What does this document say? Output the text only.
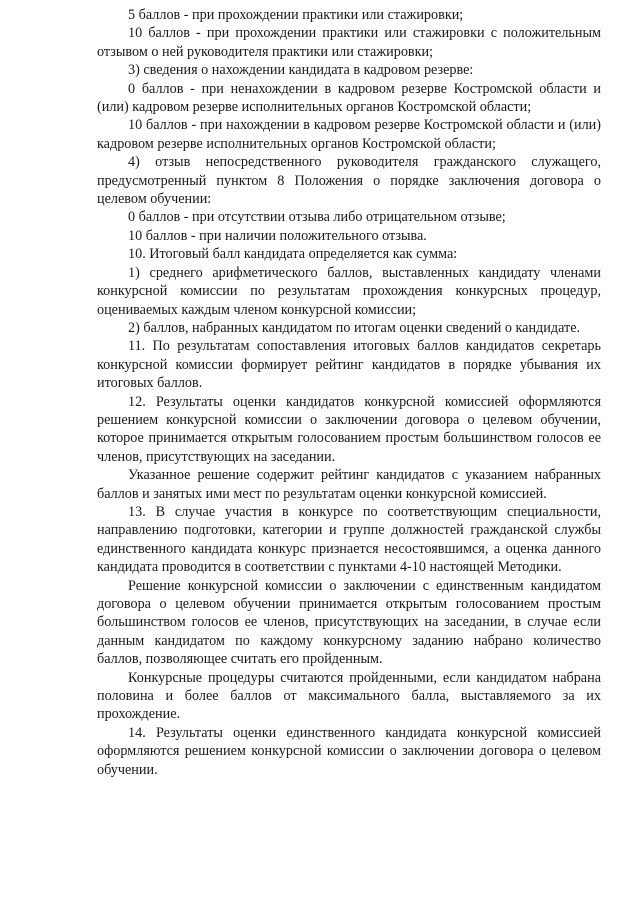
5 баллов - при прохождении практики или стажировки;

10 баллов - при прохождении практики или стажировки с положительным отзывом о ней руководителя практики или стажировки;

3) сведения о нахождении кандидата в кадровом резерве:

0 баллов - при ненахождении в кадровом резерве Костромской области и (или) кадровом резерве исполнительных органов Костромской области;

10 баллов - при нахождении в кадровом резерве Костромской области и (или) кадровом резерве исполнительных органов Костромской области;

4) отзыв непосредственного руководителя гражданского служащего, предусмотренный пунктом 8 Положения о порядке заключения договора о целевом обучении:

0 баллов - при отсутствии отзыва либо отрицательном отзыве;

10 баллов - при наличии положительного отзыва.

10. Итоговый балл кандидата определяется как сумма:

1) среднего арифметического баллов, выставленных кандидату членами конкурсной комиссии по результатам прохождения конкурсных процедур, оцениваемых каждым членом конкурсной комиссии;

2) баллов, набранных кандидатом по итогам оценки сведений о кандидате.

11. По результатам сопоставления итоговых баллов кандидатов секретарь конкурсной комиссии формирует рейтинг кандидатов в порядке убывания их итоговых баллов.

12. Результаты оценки кандидатов конкурсной комиссией оформляются решением конкурсной комиссии о заключении договора о целевом обучении, которое принимается открытым голосованием простым большинством голосов ее членов, присутствующих на заседании.

Указанное решение содержит рейтинг кандидатов с указанием набранных баллов и занятых ими мест по результатам оценки конкурсной комиссией.

13. В случае участия в конкурсе по соответствующим специальности, направлению подготовки, категории и группе должностей гражданской службы единственного кандидата конкурс признается несостоявшимся, а оценка данного кандидата проводится в соответствии с пунктами 4-10 настоящей Методики.

Решение конкурсной комиссии о заключении с единственным кандидатом договора о целевом обучении принимается открытым голосованием простым большинством голосов ее членов, присутствующих на заседании, в случае если данным кандидатом по каждому конкурсному заданию набрано количество баллов, позволяющее считать его пройденным.

Конкурсные процедуры считаются пройденными, если кандидатом набрана половина и более баллов от максимального балла, выставляемого за их прохождение.

14. Результаты оценки единственного кандидата конкурсной комиссией оформляются решением конкурсной комиссии о заключении договора о целевом обучении.
